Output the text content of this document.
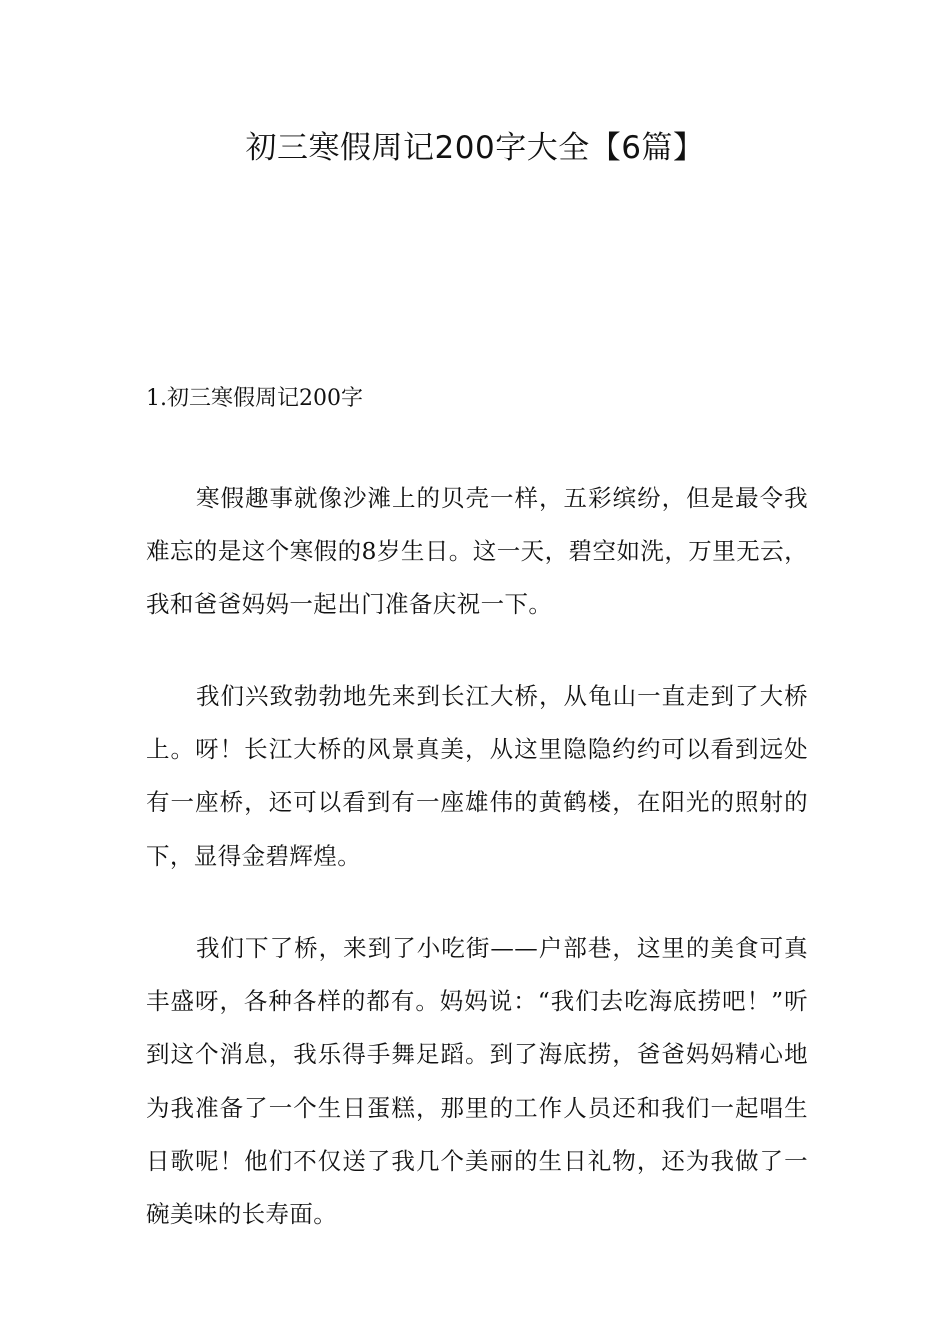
初三寒假周记200字大全【6篇】

1.初三寒假周记200字

寒假趣事就像沙滩上的贝壳一样，五彩缤纷，但是最令我难忘的是这个寒假的8岁生日。这一天，碧空如洗，万里无云，我和爸爸妈妈一起出门准备庆祝一下。

我们兴致勃勃地先来到长江大桥，从龟山一直走到了大桥上。呀！长江大桥的风景真美，从这里隐隐约约可以看到远处有一座桥，还可以看到有一座雄伟的黄鹤楼，在阳光的照射的下，显得金碧辉煌。

我们下了桥，来到了小吃街——户部巷，这里的美食可真丰盛呀，各种各样的都有。妈妈说：“我们去吃海底捞吧！”听到这个消息，我乐得手舞足蹈。到了海底捞，爸爸妈妈精心地为我准备了一个生日蛋糕，那里的工作人员还和我们一起唱生日歌呢！他们不仅送了我几个美丽的生日礼物，还为我做了一碗美味的长寿面。
